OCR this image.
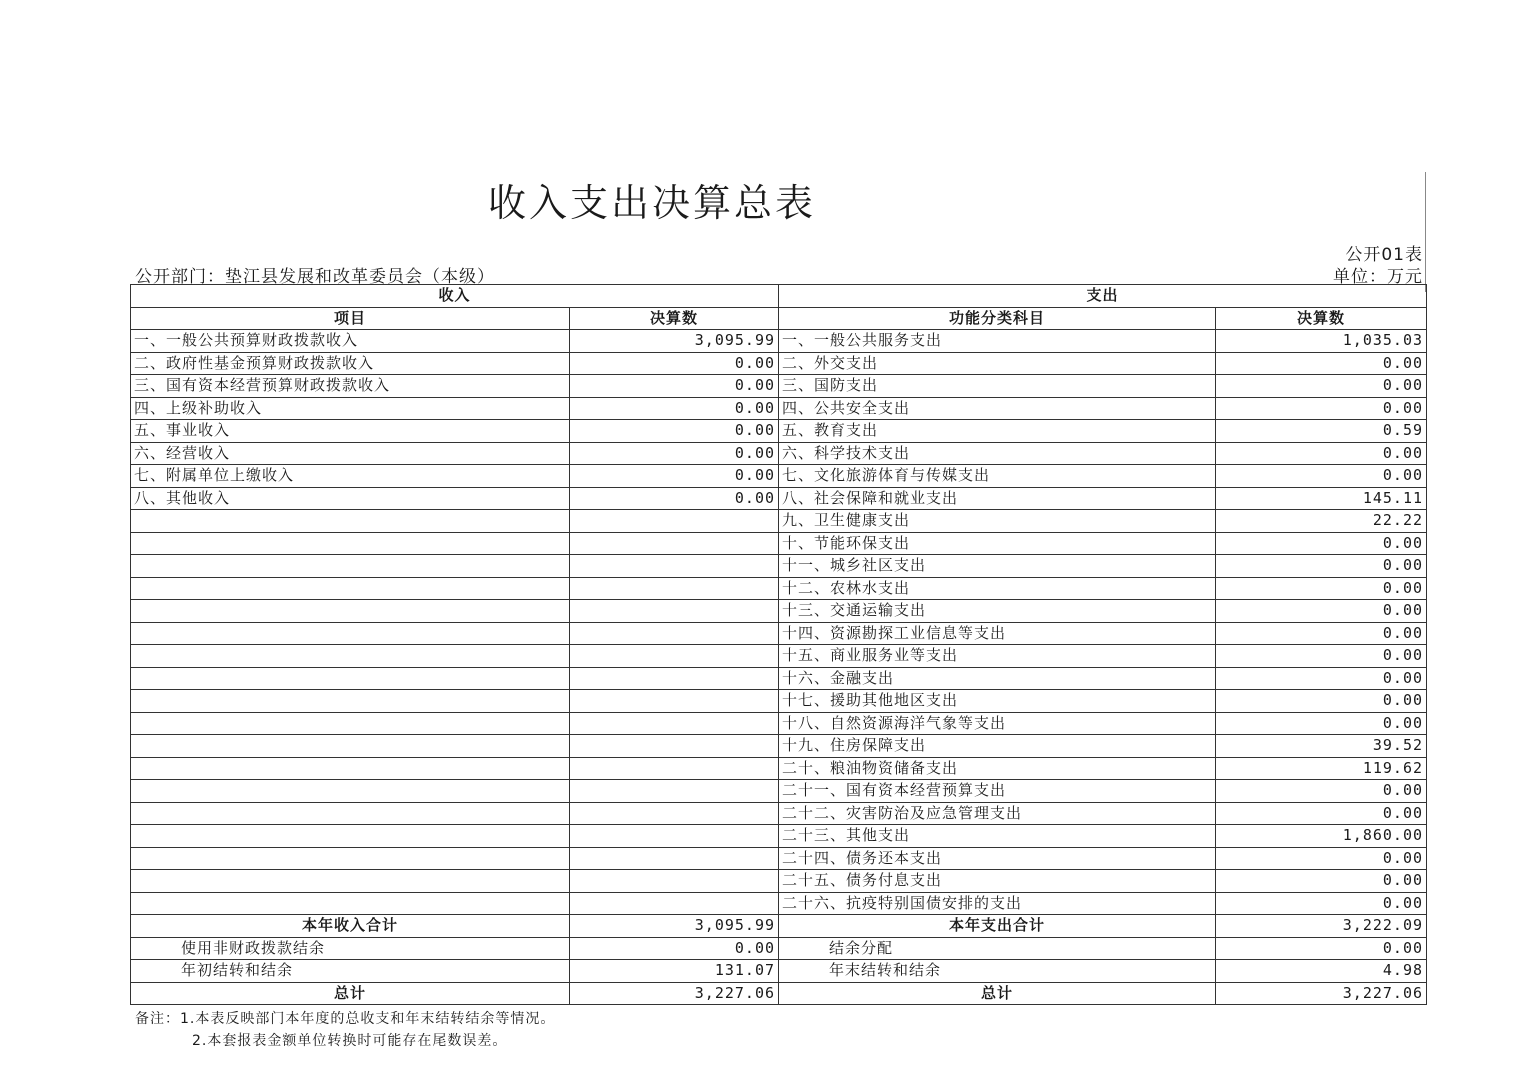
收入支出决算总表
公开01表
公开部门：垫江县发展和改革委员会（本级）	单位：万元
收入		支出	
项目	决算数	功能分类科目	决算数
一、一般公共预算财政拨款收入	3,095.99	一、一般公共服务支出	1,035.03
二、政府性基金预算财政拨款收入	0.00	二、外交支出	0.00
三、国有资本经营预算财政拨款收入	0.00	三、国防支出	0.00
四、上级补助收入	0.00	四、公共安全支出	0.00
五、事业收入	0.00	五、教育支出	0.59
六、经营收入	0.00	六、科学技术支出	0.00
七、附属单位上缴收入	0.00	七、文化旅游体育与传媒支出	0.00
八、其他收入	0.00	八、社会保障和就业支出	145.11
		九、卫生健康支出	22.22
		十、节能环保支出	0.00
		十一、城乡社区支出	0.00
		十二、农林水支出	0.00
		十三、交通运输支出	0.00
		十四、资源勘探工业信息等支出	0.00
		十五、商业服务业等支出	0.00
		十六、金融支出	0.00
		十七、援助其他地区支出	0.00
		十八、自然资源海洋气象等支出	0.00
		十九、住房保障支出	39.52
		二十、粮油物资储备支出	119.62
		二十一、国有资本经营预算支出	0.00
		二十二、灾害防治及应急管理支出	0.00
		二十三、其他支出	1,860.00
		二十四、债务还本支出	0.00
		二十五、债务付息支出	0.00
		二十六、抗疫特别国债安排的支出	0.00
本年收入合计	3,095.99	本年支出合计	3,222.09
使用非财政拨款结余	0.00	结余分配	0.00
年初结转和结余	131.07	年末结转和结余	4.98
总计	3,227.06	总计	3,227.06
备注：1.本表反映部门本年度的总收支和年末结转结余等情况。
2.本套报表金额单位转换时可能存在尾数误差。
